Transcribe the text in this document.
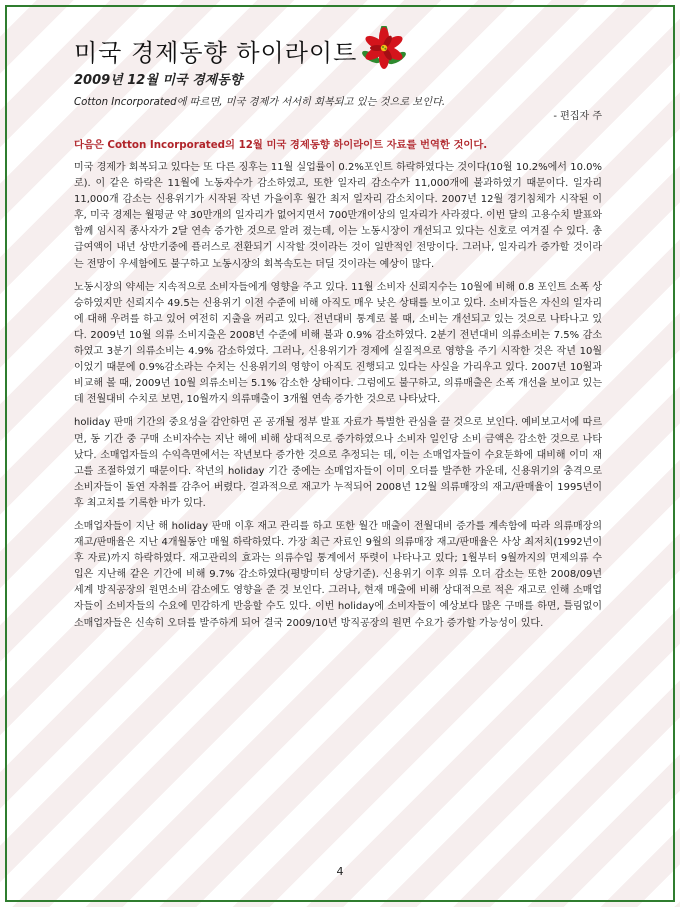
미국 경제동향 하이라이트
2009년 12월 미국 경제동향
Cotton Incorporated에 따르면, 미국 경제가 서서히 회복되고 있는 것으로 보인다.
- 편집자 주
다음은 Cotton Incorporated의 12월 미국 경제동향 하이라이트 자료를 번역한 것이다.

미국 경제가 회복되고 있다는 또 다른 징후는 11월 실업률이 0.2%포인트 하락하였다는 것이다(10월 10.2%에서 10.0%로). 이 같은 하락은 11월에 노동자수가 감소하였고, 또한 일자리 감소수가 11,000개에 불과하였기 때문이다. 일자리 11,000개 감소는 신용위기가 시작된 작년 가을이후 월간 최저 일자리 감소치이다. 2007년 12월 경기침체가 시작된 이후, 미국 경제는 월평균 약 30만개의 일자리가 없어지면서 700만개이상의 일자리가 사라졌다. 이번 달의 고용수치 발표와 함께 임시직 종사자가 2달 연속 증가한 것으로 알려 졌는데, 이는 노동시장이 개선되고 있다는 신호로 여겨질 수 있다. 총 급여액이 내년 상반기중에 플러스로 전환되기 시작할 것이라는 것이 일반적인 전망이다. 그러나, 일자리가 증가할 것이라는 전망이 우세함에도 불구하고 노동시장의 회복속도는 더딜 것이라는 예상이 많다.

노동시장의 약세는 지속적으로 소비자들에게 영향을 주고 있다. 11월 소비자 신뢰지수는 10월에 비해 0.8 포인트 소폭 상승하였지만 신뢰지수 49.5는 신용위기 이전 수준에 비해 아직도 매우 낮은 상태를 보이고 있다. 소비자들은 자신의 일자리에 대해 우려를 하고 있어 여전히 지출을 꺼리고 있다. 전년대비 통계로 볼 때, 소비는 개선되고 있는 것으로 나타나고 있다. 2009년 10월 의류 소비지출은 2008년 수준에 비해 불과 0.9% 감소하였다. 2분기 전년대비 의류소비는 7.5% 감소하였고 3분기 의류소비는 4.9% 감소하였다. 그러나, 신용위기가 경제에 실질적으로 영향을 주기 시작한 것은 작년 10월이었기 때문에 0.9%감소라는 수치는 신용위기의 영향이 아직도 진행되고 있다는 사실을 가리우고 있다. 2007년 10월과 비교해 볼 때, 2009년 10월 의류소비는 5.1% 감소한 상태이다. 그럼에도 불구하고, 의류매출은 소폭 개선을 보이고 있는 데 전월대비 수치로 보면, 10월까지 의류매출이 3개월 연속 증가한 것으로 나타났다.

holiday 판매 기간의 중요성을 감안하면 곧 공개될 정부 발표 자료가 특별한 관심을 끌 것으로 보인다. 예비보고서에 따르면, 동 기간 중 구매 소비자수는 지난 해에 비해 상대적으로 증가하였으나 소비자 일인당 소비 금액은 감소한 것으로 나타났다. 소매업자들의 수익측면에서는 작년보다 증가한 것으로 추정되는 데, 이는 소매업자들이 수요둔화에 대비해 이미 재고를 조절하였기 때문이다. 작년의 holiday 기간 중에는 소매업자들이 이미 오더를 발주한 가운데, 신용위기의 충격으로 소비자들이 돌연 자취를 감추어 버렸다. 결과적으로 재고가 누적되어 2008년 12월 의류매장의 재고/판매율이 1995년이후 최고치를 기록한 바가 있다.

소매업자들이 지난 해 holiday 판매 이후 재고 관리를 하고 또한 월간 매출이 전월대비 증가를 계속함에 따라 의류매장의 재고/판매율은 지난 4개월동안 매월 하락하였다. 가장 최근 자료인 9월의 의류매장 재고/판매율은 사상 최저치(1992년이후 자료)까지 하락하였다. 재고관리의 효과는 의류수입 통계에서 뚜렷이 나타나고 있다; 1월부터 9월까지의 면제의류 수입은 지난해 같은 기간에 비해 9.7% 감소하였다(평방미터 상당기준). 신용위기 이후 의류 오더 감소는 또한 2008/09년 세계 방직공장의 원면소비 감소에도 영향을 준 것 보인다. 그러나, 현재 매출에 비해 상대적으로 적은 재고로 인해 소매업자들이 소비자들의 수요에 민감하게 반응할 수도 있다. 이번 holiday에 소비자들이 예상보다 많은 구매를 하면, 틀림없이 소매업자들은 신속히 오더를 발주하게 되어 결국 2009/10년 방직공장의 원면 수요가 증가할 가능성이 있다.

4
